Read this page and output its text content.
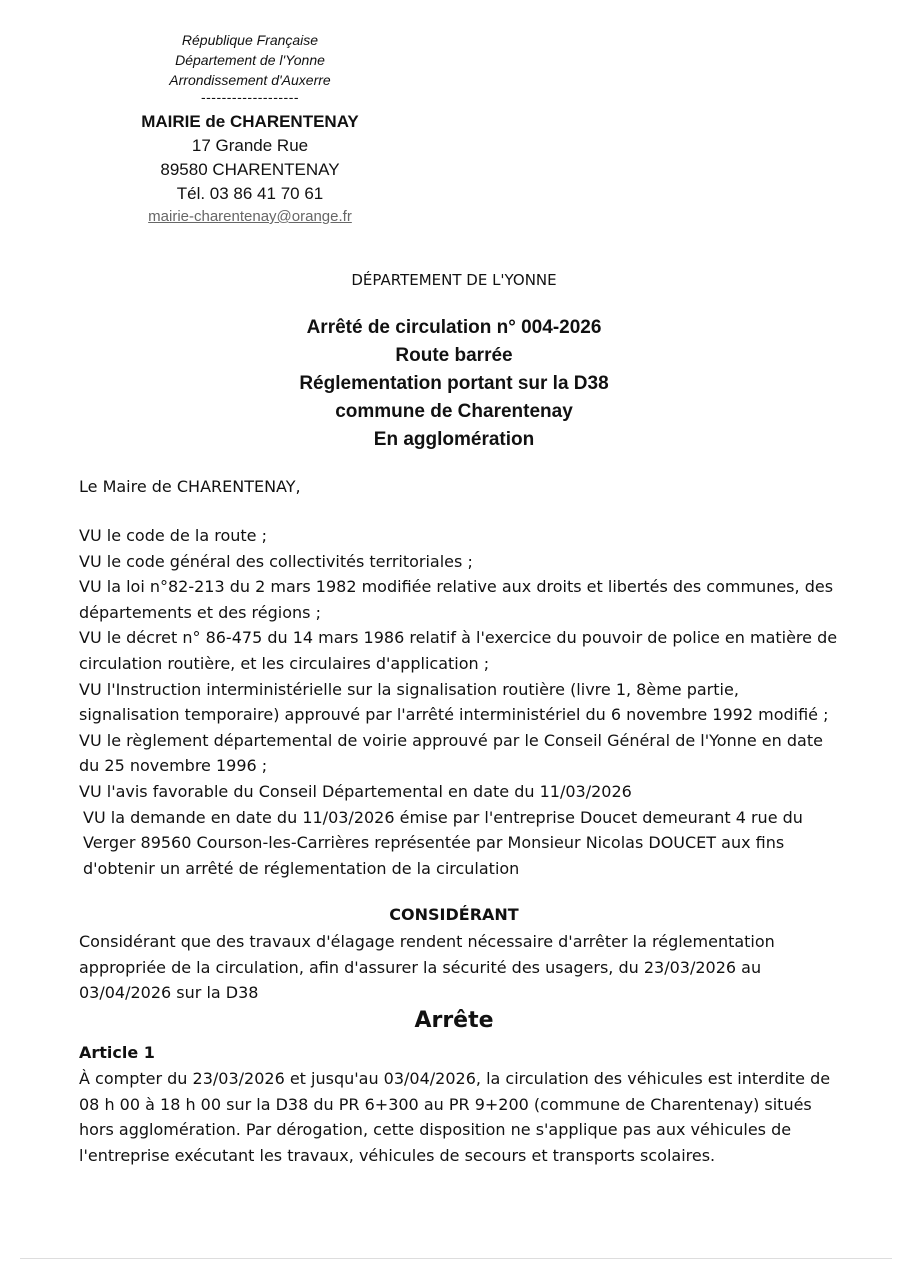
République Française
Département de l'Yonne
Arrondissement d'Auxerre
-------------------
MAIRIE de CHARENTENAY
17 Grande Rue
89580 CHARENTENAY
Tél. 03 86 41 70 61
mairie-charentenay@orange.fr
DÉPARTEMENT DE L'YONNE
Arrêté de circulation n° 004-2026
Route barrée
Réglementation portant sur la D38
commune de Charentenay
En agglomération
Le Maire de CHARENTENAY,

VU le code de la route ;

VU le code général des collectivités territoriales ;

VU la loi n°82-213 du 2 mars 1982 modifiée relative aux droits et libertés des communes, des départements et des régions ;

VU le décret n° 86-475 du 14 mars 1986 relatif à l'exercice du pouvoir de police en matière de circulation routière, et les circulaires d'application ;

VU l'Instruction interministérielle sur la signalisation routière (livre 1, 8ème partie, signalisation temporaire) approuvé par l'arrêté interministériel du 6 novembre 1992 modifié ;

VU le règlement départemental de voirie approuvé par le Conseil Général de l'Yonne en date du 25 novembre 1996 ;

VU l'avis favorable du Conseil Départemental en date du 11/03/2026

VU la demande en date du 11/03/2026 émise par l'entreprise Doucet demeurant 4 rue du Verger 89560 Courson-les-Carrières représentée par Monsieur Nicolas DOUCET aux fins d'obtenir un arrêté de réglementation de la circulation

CONSIDÉRANT
Considérant que des travaux d'élagage rendent nécessaire d'arrêter la réglementation appropriée de la circulation, afin d'assurer la sécurité des usagers, du 23/03/2026 au 03/04/2026 sur la D38
Arrête
Article 1
À compter du 23/03/2026 et jusqu'au 03/04/2026, la circulation des véhicules est interdite de 08 h 00 à 18 h 00 sur la D38 du PR 6+300 au PR 9+200 (commune de Charentenay) situés hors agglomération. Par dérogation, cette disposition ne s'applique pas aux véhicules de l'entreprise exécutant les travaux, véhicules de secours et transports scolaires.
